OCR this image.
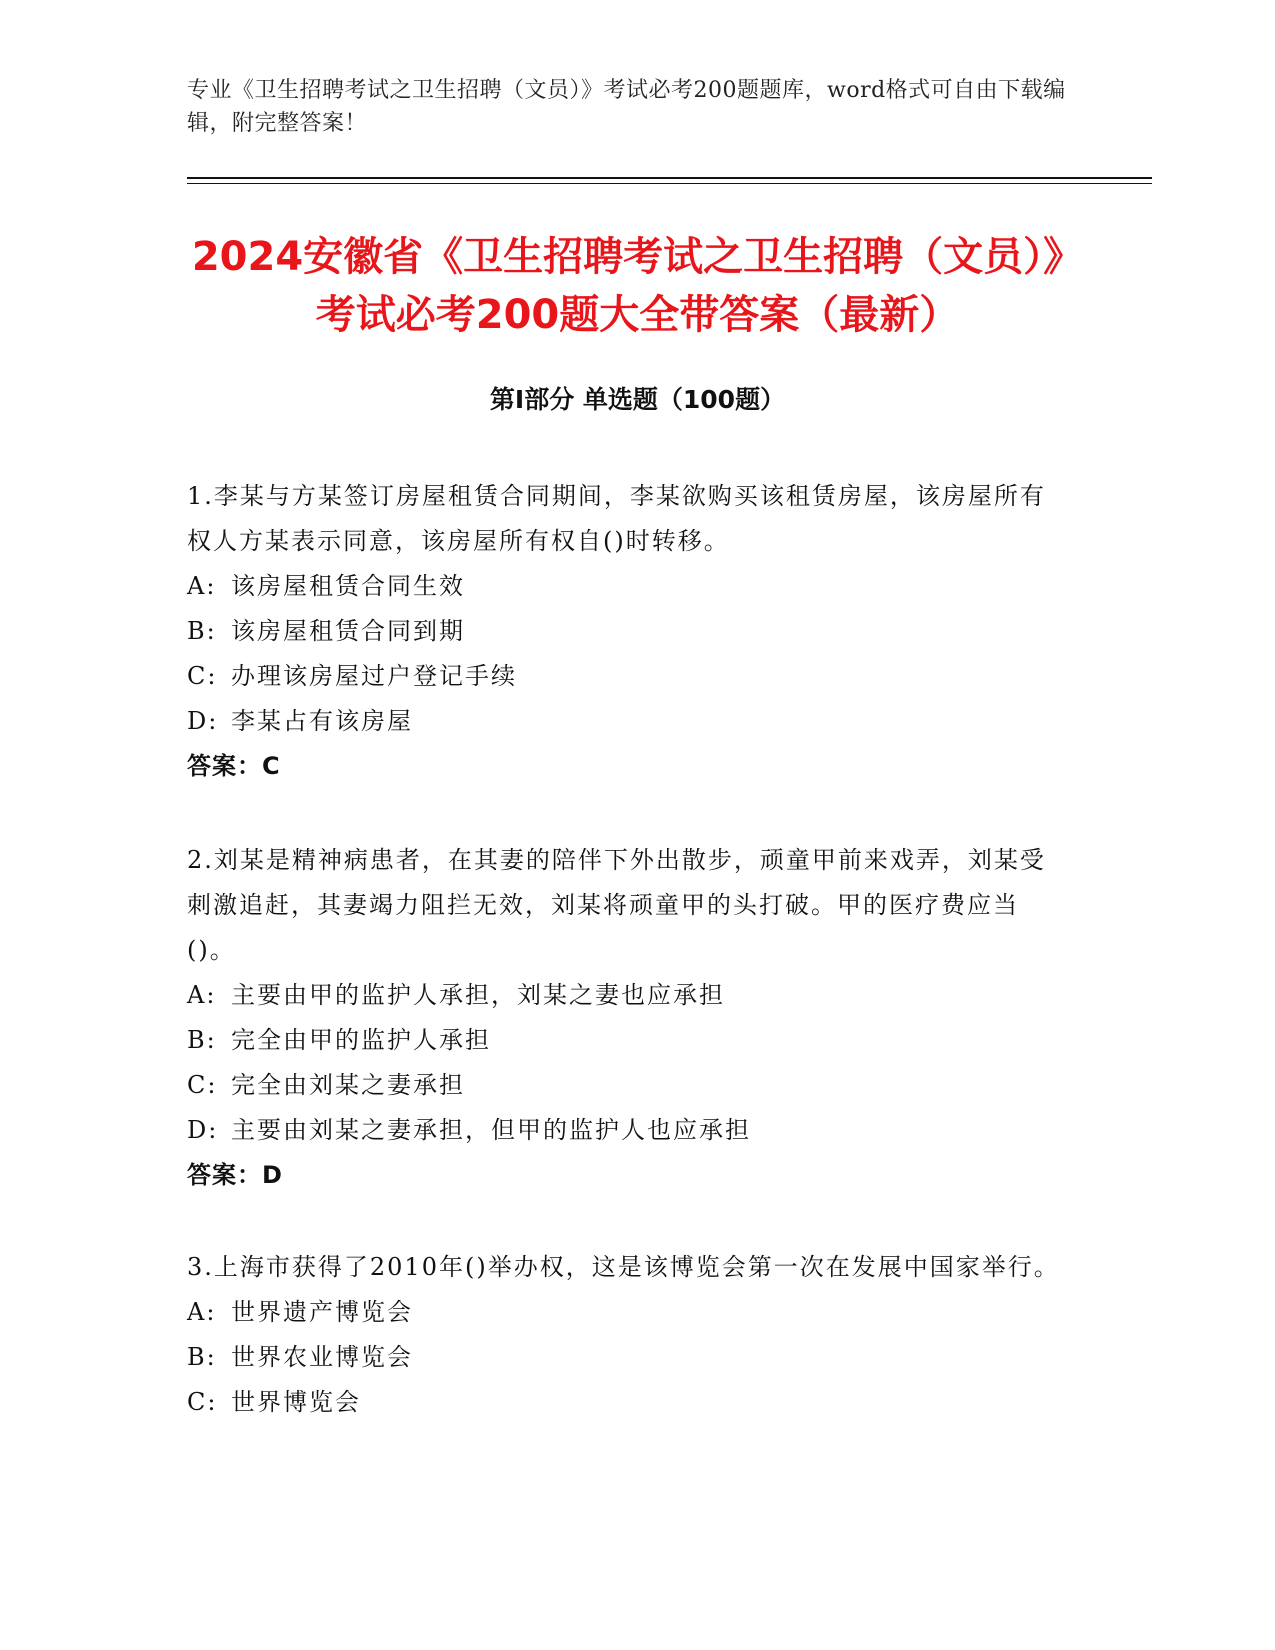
专业《卫生招聘考试之卫生招聘（文员）》考试必考200题题库，word格式可自由下载编辑，附完整答案！
2024安徽省《卫生招聘考试之卫生招聘（文员）》考试必考200题大全带答案（最新）
第Ⅰ部分 单选题（100题）

1.李某与方某签订房屋租赁合同期间，李某欲购买该租赁房屋，该房屋所有权人方某表示同意，该房屋所有权自()时转移。

A: 该房屋租赁合同生效
B: 该房屋租赁合同到期
C: 办理该房屋过户登记手续
D: 李某占有该房屋
答案：C

2.刘某是精神病患者，在其妻的陪伴下外出散步，顽童甲前来戏弄，刘某受刺激追赶，其妻竭力阻拦无效，刘某将顽童甲的头打破。甲的医疗费应当()。

A: 主要由甲的监护人承担，刘某之妻也应承担
B: 完全由甲的监护人承担
C: 完全由刘某之妻承担
D: 主要由刘某之妻承担，但甲的监护人也应承担
答案：D

3.上海市获得了2010年()举办权，这是该博览会第一次在发展中国家举行。

A: 世界遗产博览会
B: 世界农业博览会
C: 世界博览会
